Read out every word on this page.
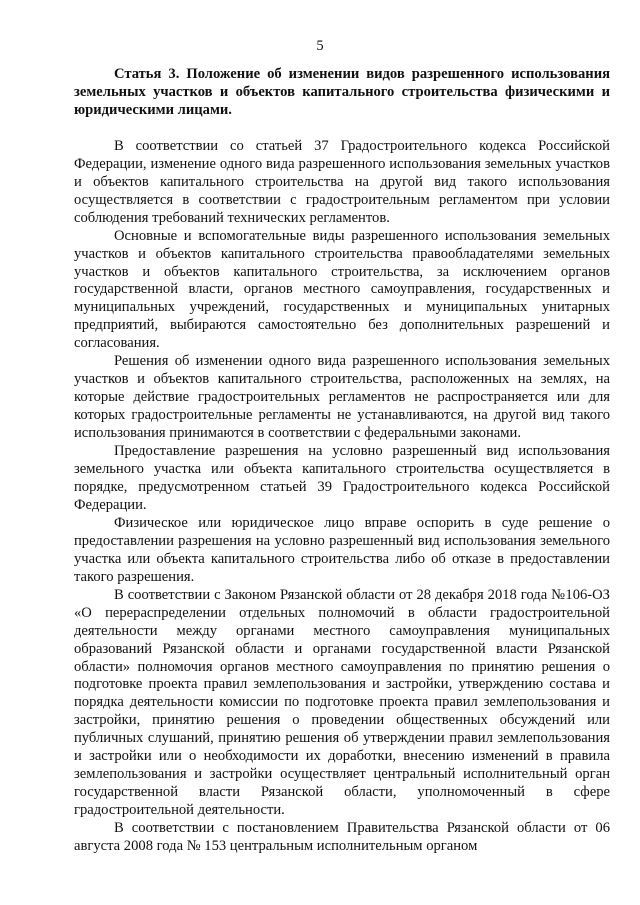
5

Статья 3. Положение об изменении видов разрешенного использования земельных участков и объектов капитального строительства физическими и юридическими лицами.

В соответствии со статьей 37 Градостроительного кодекса Российской Федерации, изменение одного вида разрешенного использования земельных участков и объектов капитального строительства на другой вид такого использования осуществляется в соответствии с градостроительным регламентом при условии соблюдения требований технических регламентов.

Основные и вспомогательные виды разрешенного использования земельных участков и объектов капитального строительства правообладателями земельных участков и объектов капитального строительства, за исключением органов государственной власти, органов местного самоуправления, государственных и муниципальных учреждений, государственных и муниципальных унитарных предприятий, выбираются самостоятельно без дополнительных разрешений и согласования.

Решения об изменении одного вида разрешенного использования земельных участков и объектов капитального строительства, расположенных на землях, на которые действие градостроительных регламентов не распространяется или для которых градостроительные регламенты не устанавливаются, на другой вид такого использования принимаются в соответствии с федеральными законами.

Предоставление разрешения на условно разрешенный вид использования земельного участка или объекта капитального строительства осуществляется в порядке, предусмотренном статьей 39 Градостроительного кодекса Российской Федерации.

Физическое или юридическое лицо вправе оспорить в суде решение о предоставлении разрешения на условно разрешенный вид использования земельного участка или объекта капитального строительства либо об отказе в предоставлении такого разрешения.

В соответствии с Законом Рязанской области от 28 декабря 2018 года №106-ОЗ «О перераспределении отдельных полномочий в области градостроительной деятельности между органами местного самоуправления муниципальных образований Рязанской области и органами государственной власти Рязанской области» полномочия органов местного самоуправления по принятию решения о подготовке проекта правил землепользования и застройки, утверждению состава и порядка деятельности комиссии по подготовке проекта правил землепользования и застройки, принятию решения о проведении общественных обсуждений или публичных слушаний, принятию решения об утверждении правил землепользования и застройки или о необходимости их доработки, внесению изменений в правила землепользования и застройки осуществляет центральный исполнительный орган государственной власти Рязанской области, уполномоченный в сфере градостроительной деятельности.

В соответствии с постановлением Правительства Рязанской области от 06 августа 2008 года № 153 центральным исполнительным органом
